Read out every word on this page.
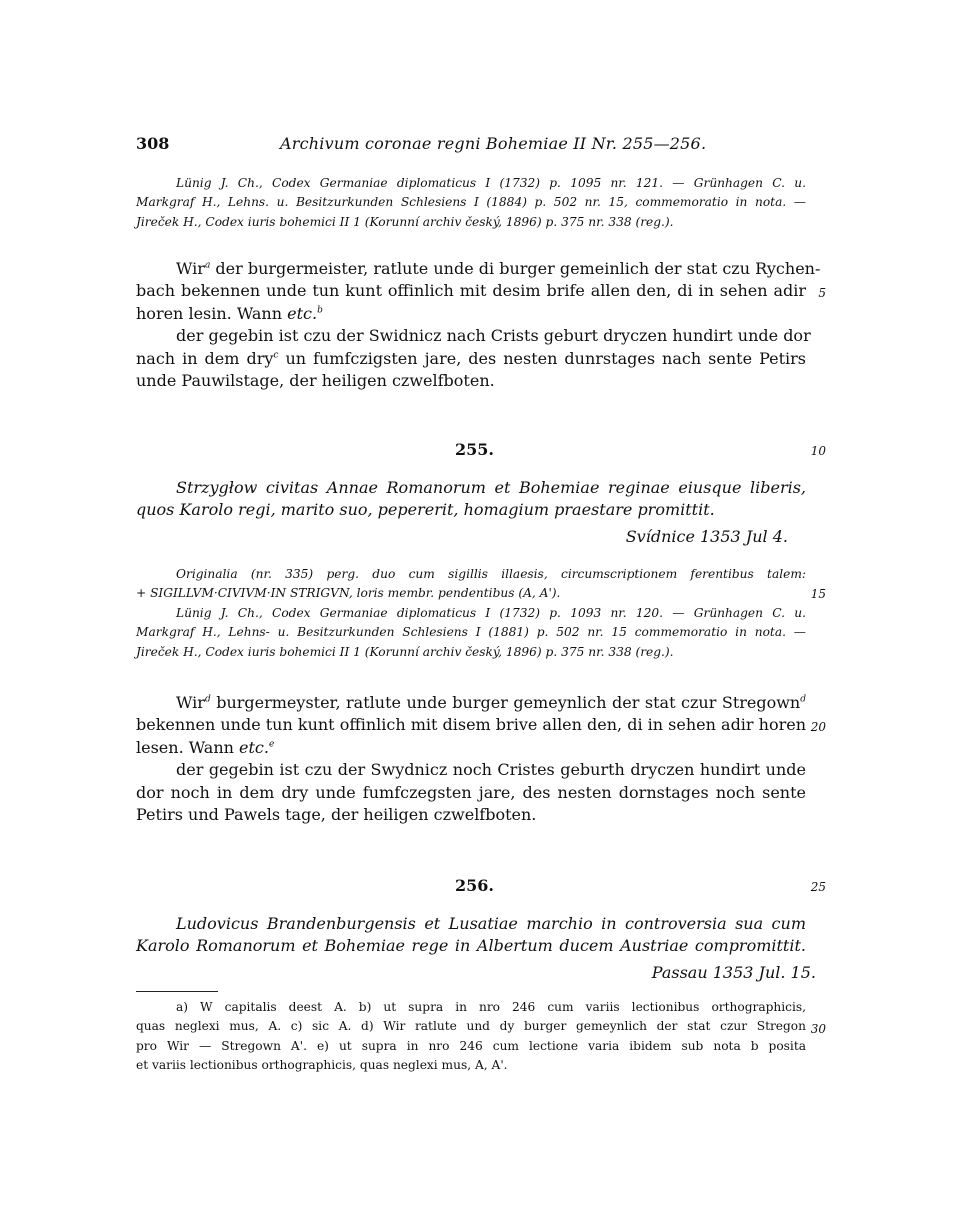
308	Archivum coronae regni Bohemiae II Nr. 255—256.
Lünig J. Ch., Codex Germaniae diplomaticus I (1732) p. 1095 nr. 121. — Grünhagen C. u.
Markgraf H., Lehns. u. Besitzurkunden Schlesiens I (1884) p. 502 nr. 15, commemoratio in nota. —
Jireček H., Codex iuris bohemici II 1 (Korunní archiv český, 1896) p. 375 nr. 338 (reg.).
Wir$^a$ der burgermeister, ratlute unde di burger gemeinlich der stat czu Rychen-
bach bekennen unde tun kunt offinlich mit desim brife allen den, di in sehen adir
horen lesin. Wann etc.$^b$
der gegebin ist czu der Swidnicz nach Crists geburt dryczen hundirt unde dor
nach in dem dry$^c$ un fumfczigsten jare, des nesten dunrstages nach sente Petirs
unde Pauwilstage, der heiligen czwelfboten.
5
255.	10
Strzygłow civitas Annae Romanorum et Bohemiae reginae eiusque liberis,
quos Karolo regi, marito suo, pepererit, homagium praestare promittit.
Svídnice 1353 Jul 4.
Originalia (nr. 335) perg. duo cum sigillis illaesis, circumscriptionem ferentibus talem:
+ SIGILLVM·CIVIVM·IN STRIGVN, loris membr. pendentibus (A, A').
Lünig J. Ch., Codex Germaniae diplomaticus I (1732) p. 1093 nr. 120. — Grünhagen C. u.
Markgraf H., Lehns- u. Besitzurkunden Schlesiens I (1881) p. 502 nr. 15 commemoratio in nota. —
Jireček H., Codex iuris bohemici II 1 (Korunní archiv český, 1896) p. 375 nr. 338 (reg.).
15
Wir$^d$ burgermeyster, ratlute unde burger gemeynlich der stat czur Stregown$^d$
bekennen unde tun kunt offinlich mit disem brive allen den, di in sehen adir horen
lesen. Wann etc.$^e$
der gegebin ist czu der Swydnicz noch Cristes geburth dryczen hundirt unde
dor noch in dem dry unde fumfczegsten jare, des nesten dornstages noch sente
Petirs und Pawels tage, der heiligen czwelfboten.
20
256.	25
Ludovicus Brandenburgensis et Lusatiae marchio in controversia sua cum
Karolo Romanorum et Bohemiae rege in Albertum ducem Austriae compromittit.
Passau 1353 Jul. 15.
a) W capitalis deest A. b) ut supra in nro 246 cum variis lectionibus orthographicis,
quas neglexi mus, A. c) sic A. d) Wir ratlute und dy burger gemeynlich der stat czur Stregon
pro Wir — Stregown A'. e) ut supra in nro 246 cum lectione varia ibidem sub nota b posita
et variis lectionibus orthographicis, quas neglexi mus, A, A'.
30
